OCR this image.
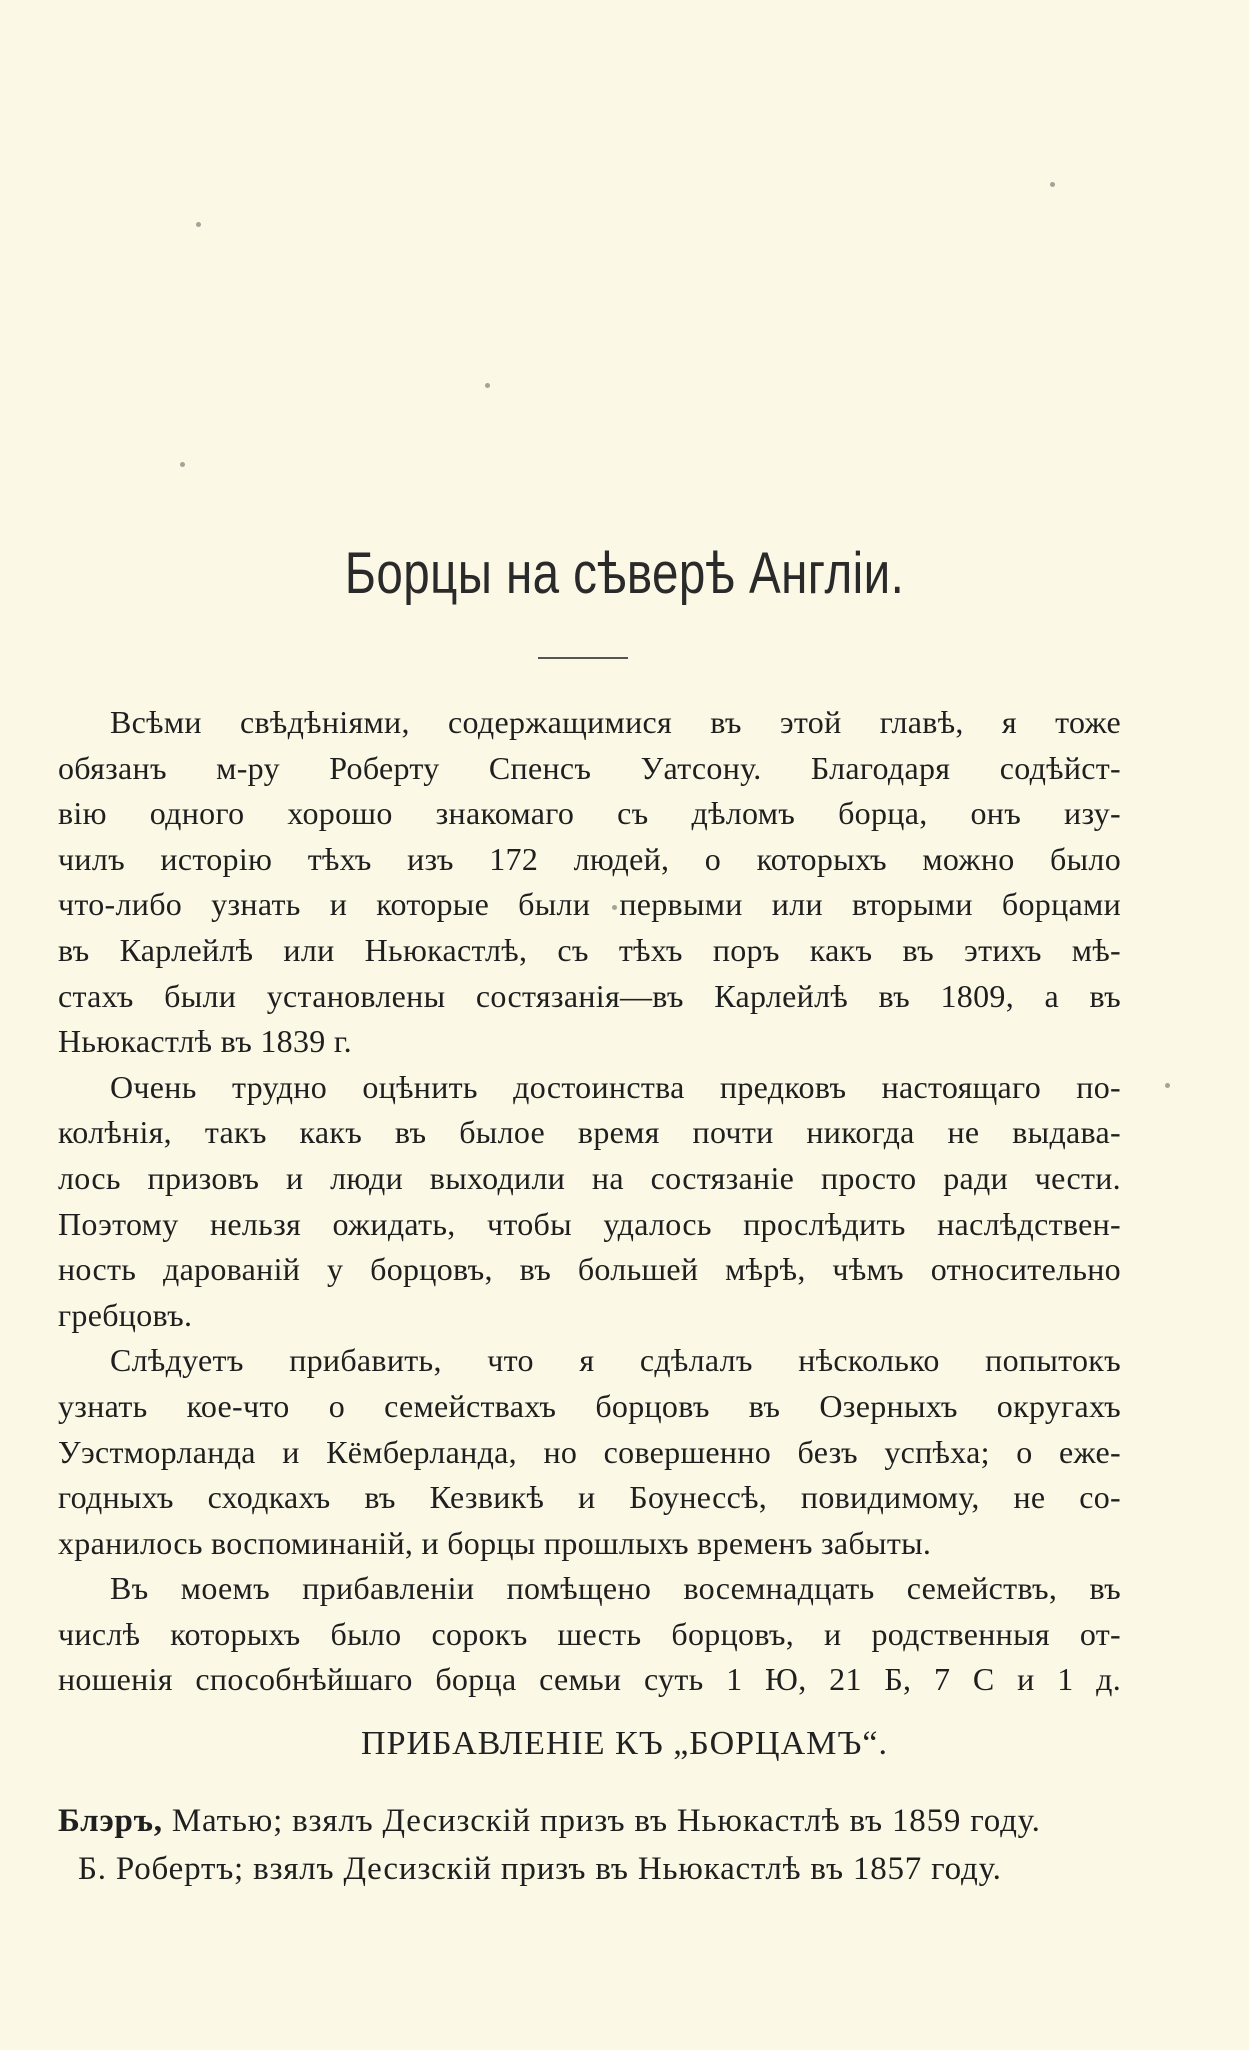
Борцы на сѣверѣ Англіи.

Всѣми свѣдѣніями, содержащимися въ этой главѣ, я тоже
обязанъ м-ру Роберту Спенсъ Уатсону. Благодаря содѣйст-
вію одного хорошо знакомаго съ дѣломъ борца, онъ изу-
чилъ исторію тѣхъ изъ 172 людей, о которыхъ можно было
что-либо узнать и которые были первыми или вторыми борцами
въ Карлейлѣ или Ньюкастлѣ, съ тѣхъ поръ какъ въ этихъ мѣ-
стахъ были установлены состязанія—въ Карлейлѣ въ 1809, а въ
Ньюкастлѣ въ 1839 г.

Очень трудно оцѣнить достоинства предковъ настоящаго по-
колѣнія, такъ какъ въ былое время почти никогда не выдава-
лось призовъ и люди выходили на состязаніе просто ради чести.
Поэтому нельзя ожидать, чтобы удалось прослѣдить наслѣдствен-
ность дарованій у борцовъ, въ большей мѣрѣ, чѣмъ относительно
гребцовъ.

Слѣдуетъ прибавить, что я сдѣлалъ нѣсколько попытокъ
узнать кое-что о семействахъ борцовъ въ Озерныхъ округахъ
Уэстморланда и Кёмберланда, но совершенно безъ успѣха; о еже-
годныхъ сходкахъ въ Кезвикѣ и Боунессѣ, повидимому, не со-
хранилось воспоминаній, и борцы прошлыхъ временъ забыты.

Въ моемъ прибавленіи помѣщено восемнадцать семействъ, въ
числѣ которыхъ было сорокъ шесть борцовъ, и родственныя от-
ношенія способнѣйшаго борца семьи суть 1 Ю, 21 Б, 7 С и 1 д.

ПРИБАВЛЕНІЕ КЪ „БОРЦАМЪ“.
Блэръ, Матью; взялъ Десизскій призъ въ Ньюкастлѣ въ 1859 году.
Б. Робертъ; взялъ Десизскій призъ въ Ньюкастлѣ въ 1857 году.
